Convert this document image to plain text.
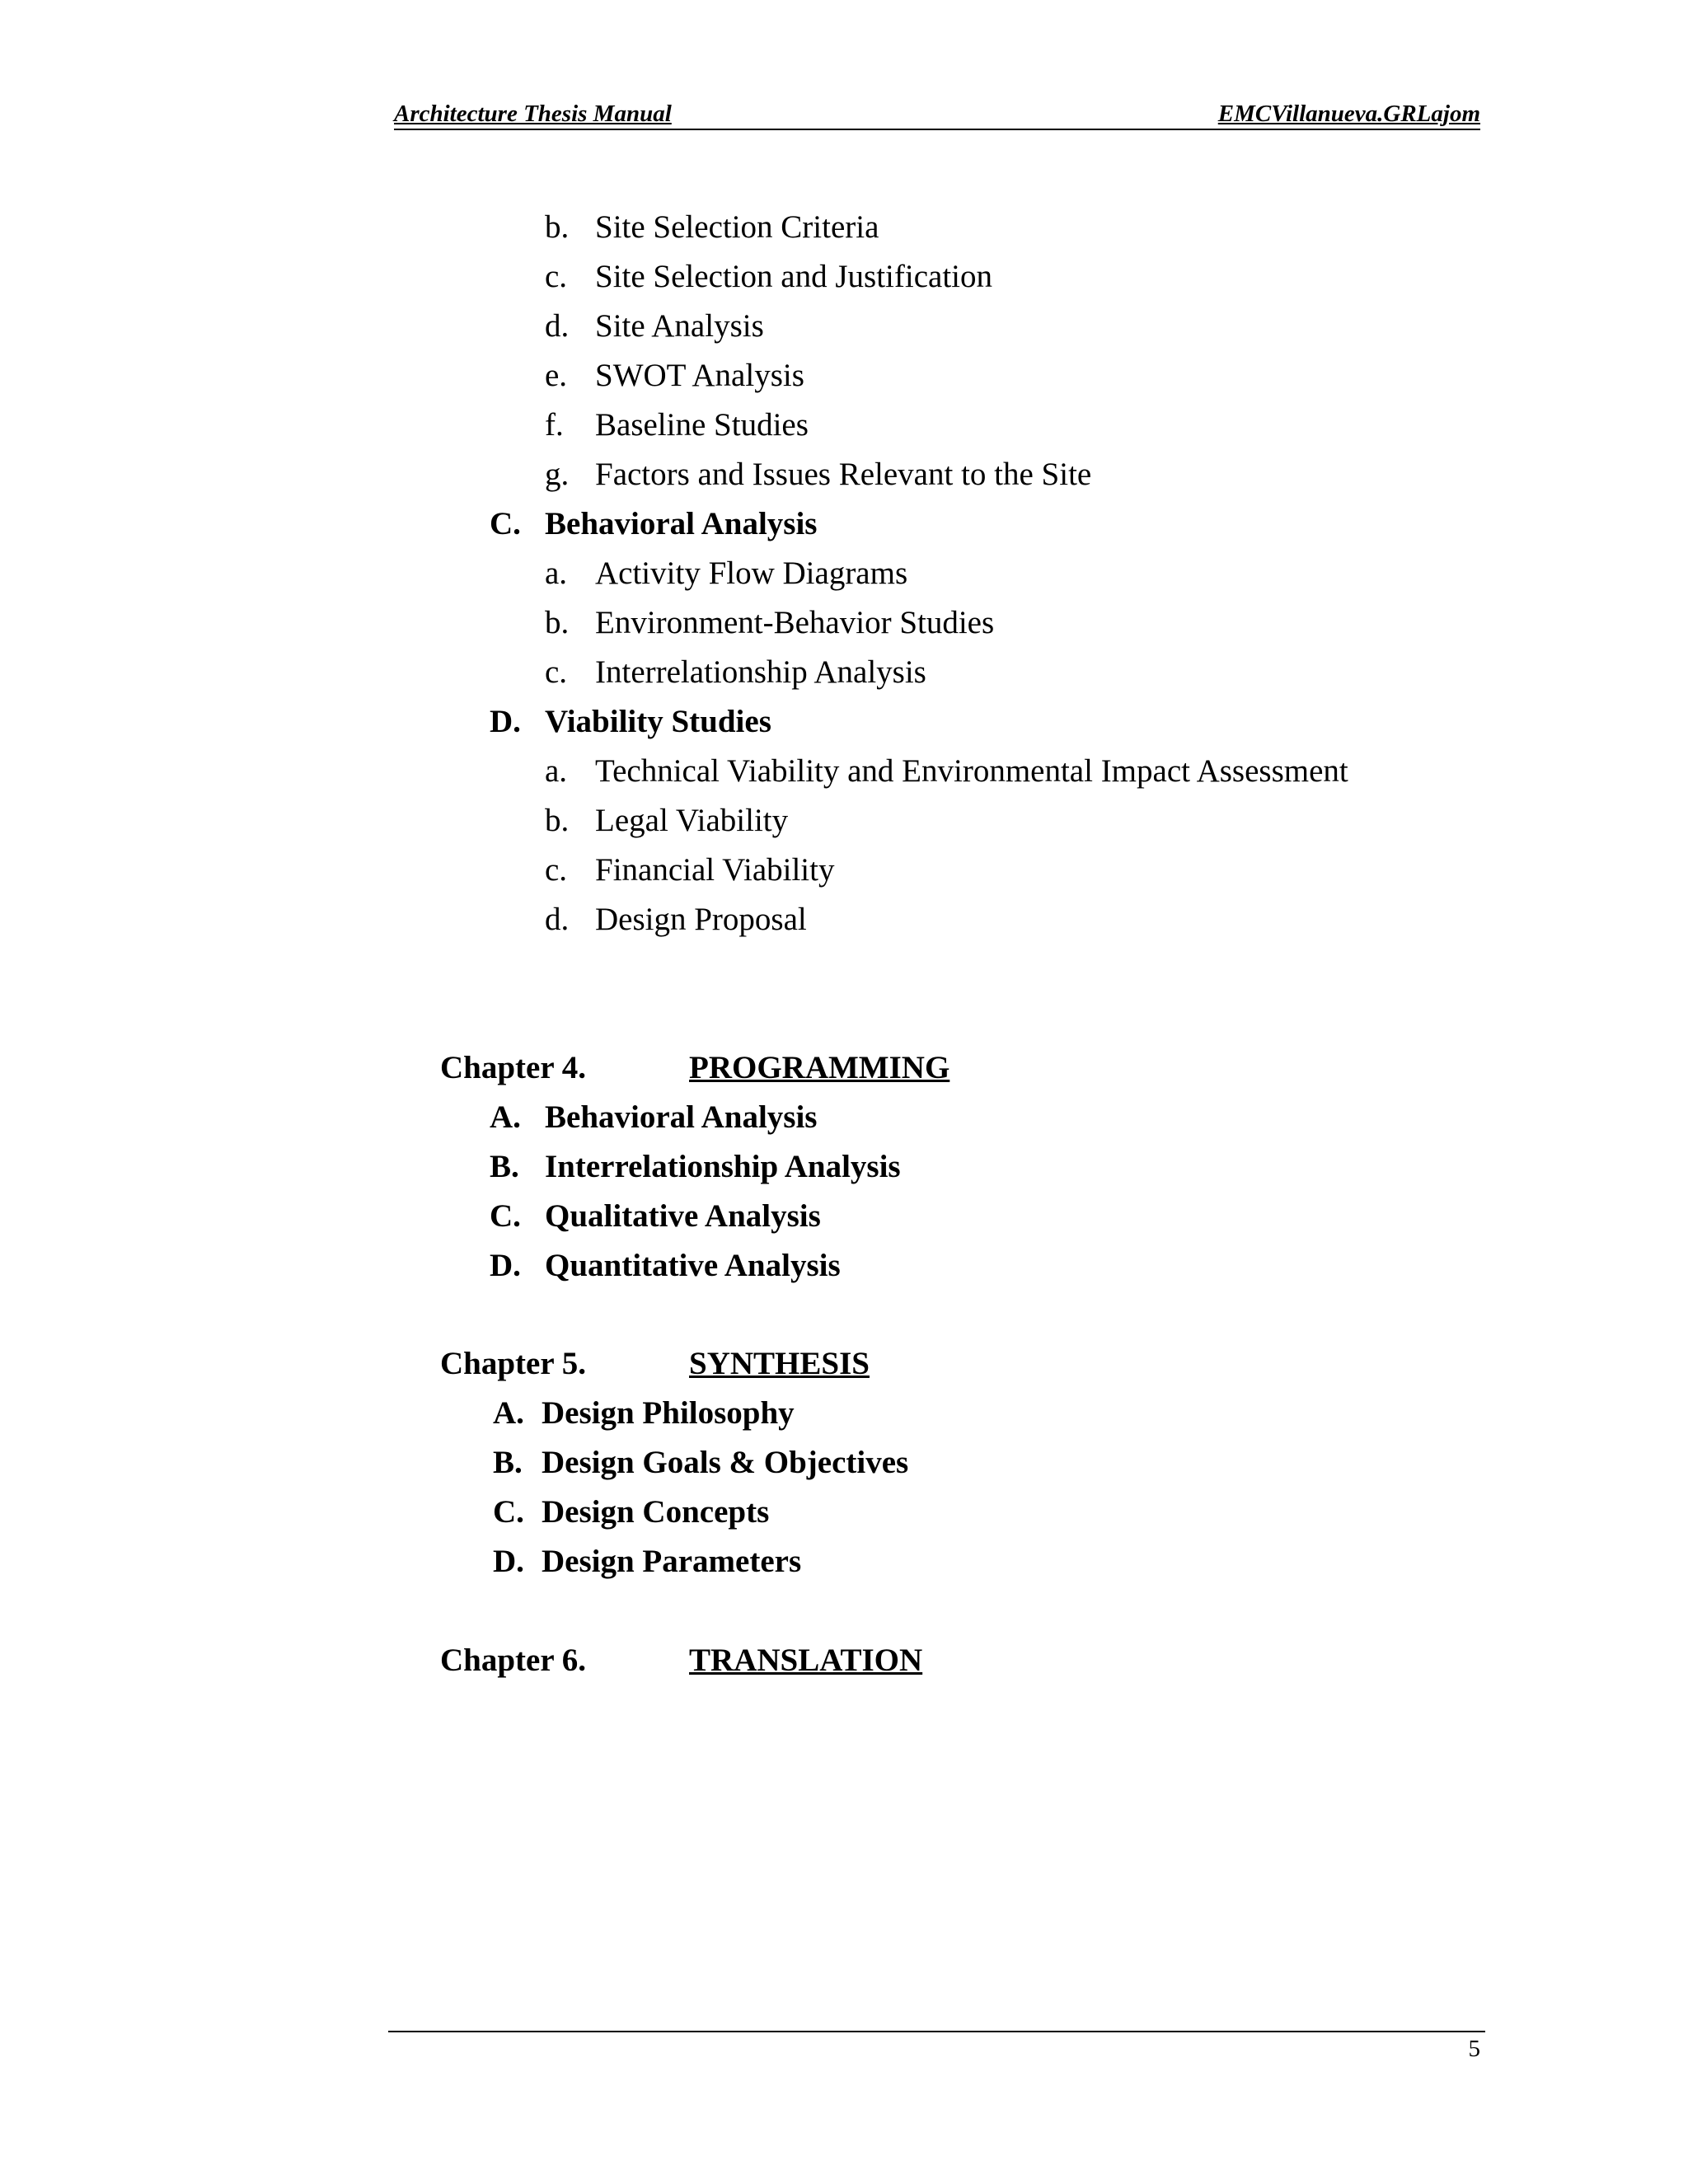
Architecture Thesis Manual	EMCVillanueva.GRLajom
b. Site Selection Criteria
c. Site Selection and Justification
d. Site Analysis
e. SWOT Analysis
f. Baseline Studies
g. Factors and Issues Relevant to the Site
C. Behavioral Analysis
a. Activity Flow Diagrams
b. Environment-Behavior Studies
c. Interrelationship Analysis
D. Viability Studies
a. Technical Viability and Environmental Impact Assessment
b. Legal Viability
c. Financial Viability
d. Design Proposal
Chapter 4.	PROGRAMMING
A. Behavioral Analysis
B. Interrelationship Analysis
C. Qualitative Analysis
D. Quantitative Analysis
Chapter 5.	SYNTHESIS
A. Design Philosophy
B. Design Goals & Objectives
C. Design Concepts
D. Design Parameters
Chapter 6.	TRANSLATION
5
